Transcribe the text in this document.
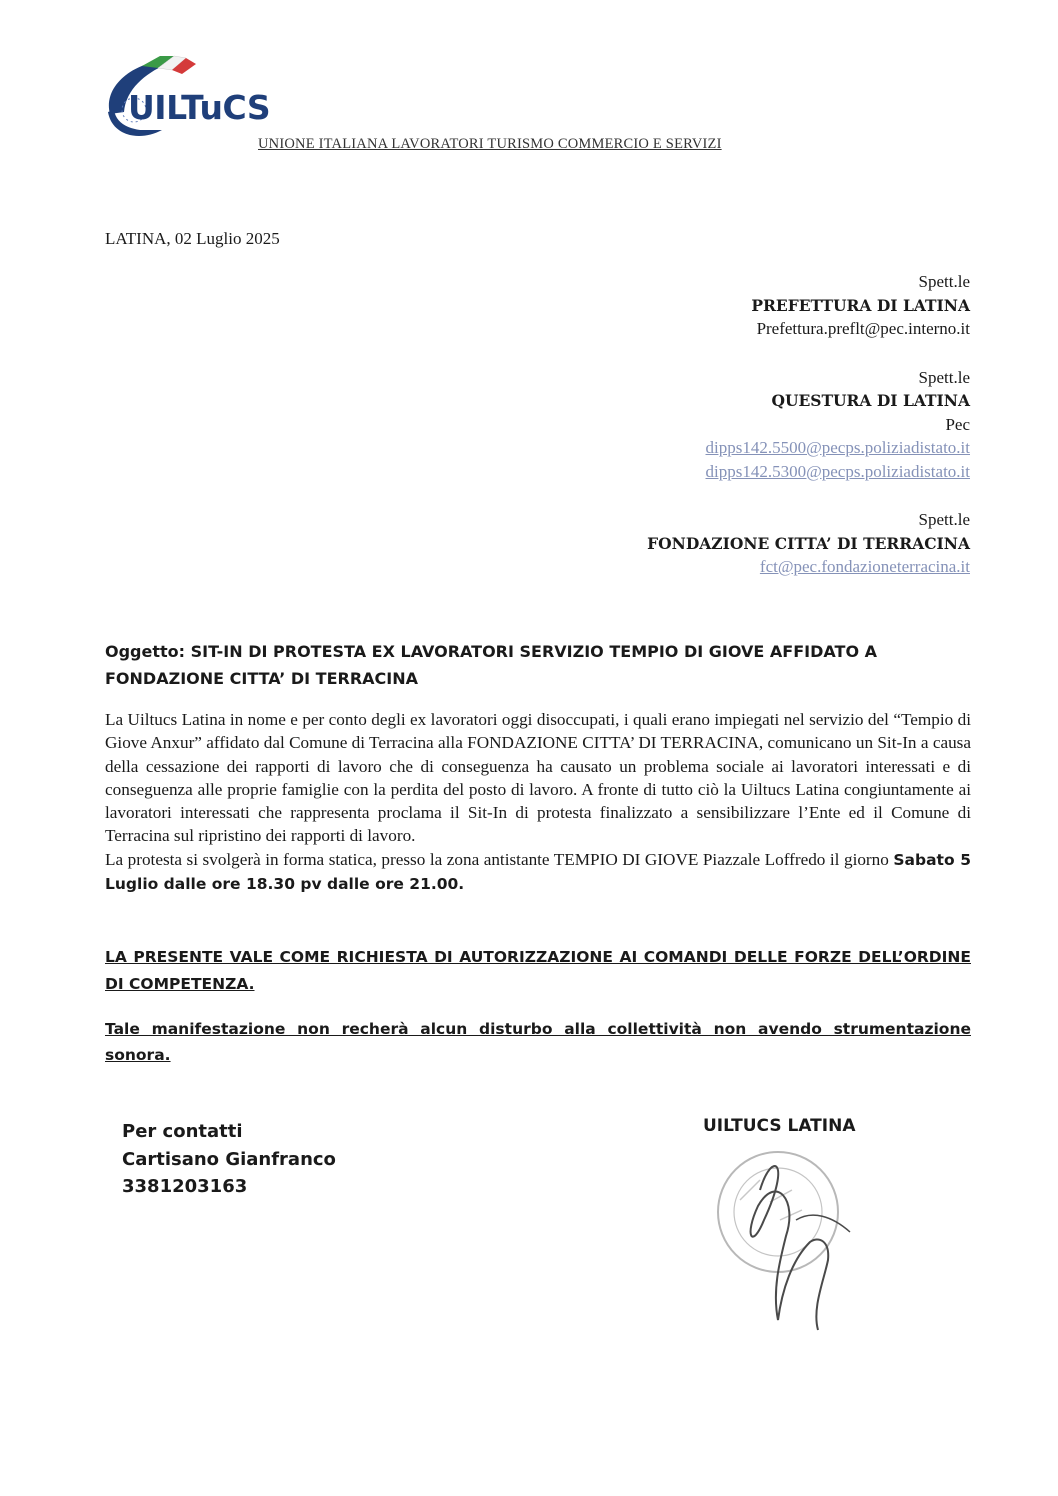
UILTuCS
UNIONE ITALIANA LAVORATORI TURISMO COMMERCIO E SERVIZI
LATINA, 02 Luglio 2025
Spett.le
PREFETTURA DI LATINA
Prefettura.preflt@pec.interno.it
Spett.le
QUESTURA DI LATINA
Pec
dipps142.5500@pecps.poliziadistato.it
dipps142.5300@pecps.poliziadistato.it
Spett.le
FONDAZIONE CITTA’ DI TERRACINA
fct@pec.fondazioneterracina.it
Oggetto: SIT-IN DI PROTESTA EX LAVORATORI SERVIZIO TEMPIO DI GIOVE AFFIDATO A FONDAZIONE CITTA’ DI TERRACINA

La Uiltucs Latina in nome e per conto degli ex lavoratori oggi disoccupati, i quali erano impiegati nel servizio del “Tempio di Giove Anxur” affidato dal Comune di Terracina alla FONDAZIONE CITTA’ DI TERRACINA, comunicano un Sit-In a causa della cessazione dei rapporti di lavoro che di conseguenza ha causato un problema sociale ai lavoratori interessati e di conseguenza alle proprie famiglie con la perdita del posto di lavoro. A fronte di tutto ciò la Uiltucs Latina congiuntamente ai lavoratori interessati che rappresenta proclama il Sit-In di protesta finalizzato a sensibilizzare l’Ente ed il Comune di Terracina sul ripristino dei rapporti di lavoro.

La protesta si svolgerà in forma statica, presso la zona antistante TEMPIO DI GIOVE Piazzale Loffredo il giorno Sabato 5 Luglio dalle ore 18.30 pv dalle ore 21.00.

LA PRESENTE VALE COME RICHIESTA DI AUTORIZZAZIONE AI COMANDI DELLE FORZE DELL’ORDINE DI COMPETENZA.
Tale manifestazione non recherà alcun disturbo alla collettività non avendo strumentazione sonora.
Per contatti
Cartisano Gianfranco
3381203163
UILTUCS LATINA
